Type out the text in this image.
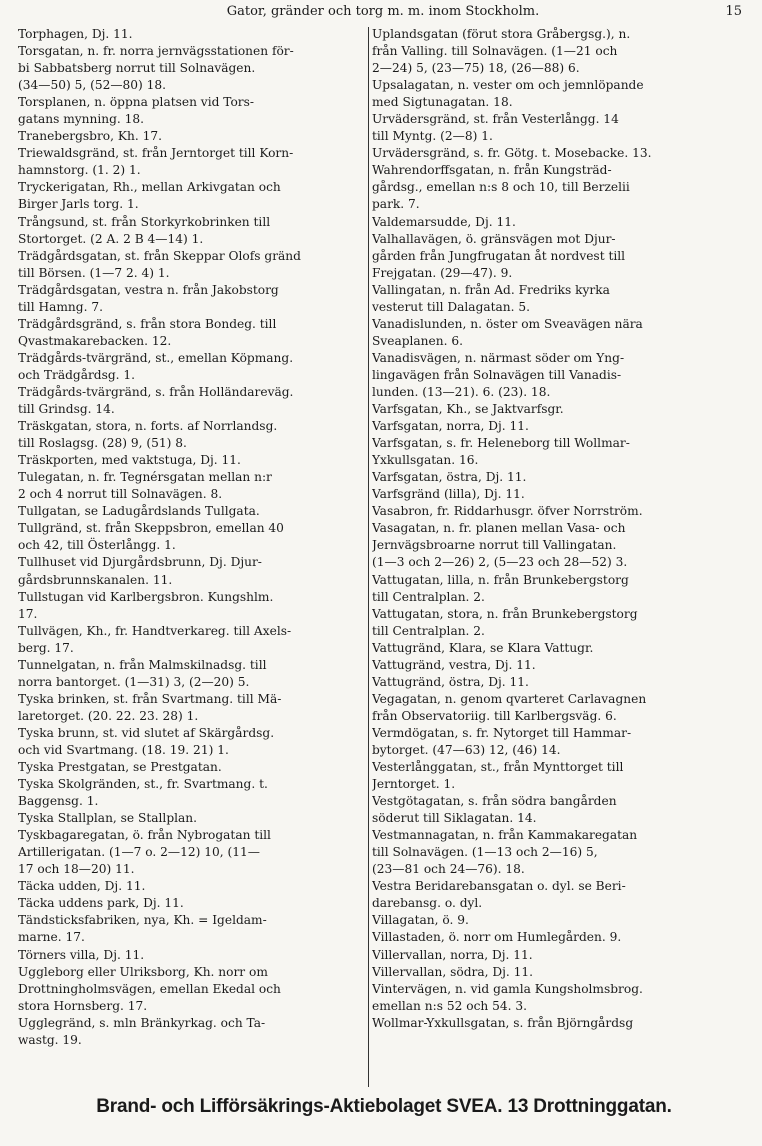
Gator, gränder och torg m. m. inom Stockholm.	15
Torphagen, Dj. 11.
Torsgatan, n. fr. norra jernvägsstationen för-
bi Sabbatsberg norrut till Solnavägen.
(34—50) 5, (52—80) 18.
Torsplanen, n. öppna platsen vid Tors-
gatans mynning. 18.
Tranebergsbro, Kh. 17.
Triewaldsgränd, st. från Jerntorget till Korn-
hamnstorg. (1. 2) 1.
Tryckerigatan, Rh., mellan Arkivgatan och
Birger Jarls torg. 1.
Trångsund, st. från Storkyrkobrinken till
Stortorget. (2 A. 2 B 4—14) 1.
Trädgårdsgatan, st. från Skeppar Olofs gränd
till Börsen. (1—7 2. 4) 1.
Trädgårdsgatan, vestra n. från Jakobstorg
till Hamng. 7.
Trädgårdsgränd, s. från stora Bondeg. till
Qvastmakarebacken. 12.
Trädgårds-tvärgränd, st., emellan Köpmang.
och Trädgårdsg. 1.
Trädgårds-tvärgränd, s. från Holländareväg.
till Grindsg. 14.
Träskgatan, stora, n. forts. af Norrlandsg.
till Roslagsg. (28) 9, (51) 8.
Träskporten, med vaktstuga, Dj. 11.
Tulegatan, n. fr. Tegnérsgatan mellan n:r
2 och 4 norrut till Solnavägen. 8.
Tullgatan, se Ladugårdslands Tullgata.
Tullgränd, st. från Skeppsbron, emellan 40
och 42, till Österlångg. 1.
Tullhuset vid Djurgårdsbrunn, Dj. Djur-
gårdsbrunnskanalen. 11.
Tullstugan vid Karlbergsbron. Kungshlm.
17.
Tullvägen, Kh., fr. Handtverkareg. till Axels-
berg. 17.
Tunnelgatan, n. från Malmskilnadsg. till
norra bantorget. (1—31) 3, (2—20) 5.
Tyska brinken, st. från Svartmang. till Mä-
laretorget. (20. 22. 23. 28) 1.
Tyska brunn, st. vid slutet af Skärgårdsg.
och vid Svartmang. (18. 19. 21) 1.
Tyska Prestgatan, se Prestgatan.
Tyska Skolgränden, st., fr. Svartmang. t.
Baggensg. 1.
Tyska Stallplan, se Stallplan.
Tyskbagaregatan, ö. från Nybrogatan till
Artillerigatan. (1—7 o. 2—12) 10, (11—
17 och 18—20) 11.
Täcka udden, Dj. 11.
Täcka uddens park, Dj. 11.
Tändsticksfabriken, nya, Kh. = Igeldam-
marne. 17.
Törners villa, Dj. 11.
Uggleborg eller Ulriksborg, Kh. norr om
Drottningholmsvägen, emellan Ekedal och
stora Hornsberg. 17.
Ugglegränd, s. mln Bränkyrkag. och Ta-
wastg. 19.
Uplandsgatan (förut stora Gråbergsg.), n.
från Valling. till Solnavägen. (1—21 och
2—24) 5, (23—75) 18, (26—88) 6.
Upsalagatan, n. vester om och jemnlöpande
med Sigtunagatan. 18.
Urvädersgränd, st. från Vesterlångg. 14
till Myntg. (2—8) 1.
Urvädersgränd, s. fr. Götg. t. Mosebacke. 13.
Wahrendorffsgatan, n. från Kungsträd-
gårdsg., emellan n:s 8 och 10, till Berzelii
park. 7.
Valdemarsudde, Dj. 11.
Valhallavägen, ö. gränsvägen mot Djur-
gården från Jungfrugatan åt nordvest till
Frejgatan. (29—47). 9.
Vallingatan, n. från Ad. Fredriks kyrka
vesterut till Dalagatan. 5.
Vanadislunden, n. öster om Sveavägen nära
Sveaplanen. 6.
Vanadisvägen, n. närmast söder om Yng-
lingavägen från Solnavägen till Vanadis-
lunden. (13—21). 6. (23). 18.
Varfsgatan, Kh., se Jaktvarfsgr.
Varfsgatan, norra, Dj. 11.
Varfsgatan, s. fr. Heleneborg till Wollmar-
Yxkullsgatan. 16.
Varfsgatan, östra, Dj. 11.
Varfsgränd (lilla), Dj. 11.
Vasabron, fr. Riddarhusgr. öfver Norrström.
Vasagatan, n. fr. planen mellan Vasa- och
Jernvägsbroarne norrut till Vallingatan.
(1—3 och 2—26) 2, (5—23 och 28—52) 3.
Vattugatan, lilla, n. från Brunkebergstorg
till Centralplan. 2.
Vattugatan, stora, n. från Brunkebergstorg
till Centralplan. 2.
Vattugränd, Klara, se Klara Vattugr.
Vattugränd, vestra, Dj. 11.
Vattugränd, östra, Dj. 11.
Vegagatan, n. genom qvarteret Carlavagnen
från Observatoriig. till Karlbergsväg. 6.
Vermdögatan, s. fr. Nytorget till Hammar-
bytorget. (47—63) 12, (46) 14.
Vesterlånggatan, st., från Mynttorget till
Jerntorget. 1.
Vestgötagatan, s. från södra bangården
söderut till Siklagatan. 14.
Vestmannagatan, n. från Kammakaregatan
till Solnavägen. (1—13 och 2—16) 5,
(23—81 och 24—76). 18.
Vestra Beridarebansgatan o. dyl. se Beri-
darebansg. o. dyl.
Villagatan, ö. 9.
Villastaden, ö. norr om Humlegården. 9.
Villervallan, norra, Dj. 11.
Villervallan, södra, Dj. 11.
Vintervägen, n. vid gamla Kungsholmsbrog.
emellan n:s 52 och 54. 3.
Wollmar-Yxkullsgatan, s. från Björngårdsg
Brand- och Lifförsäkrings-Aktiebolaget SVEA. 13 Drottninggatan.
